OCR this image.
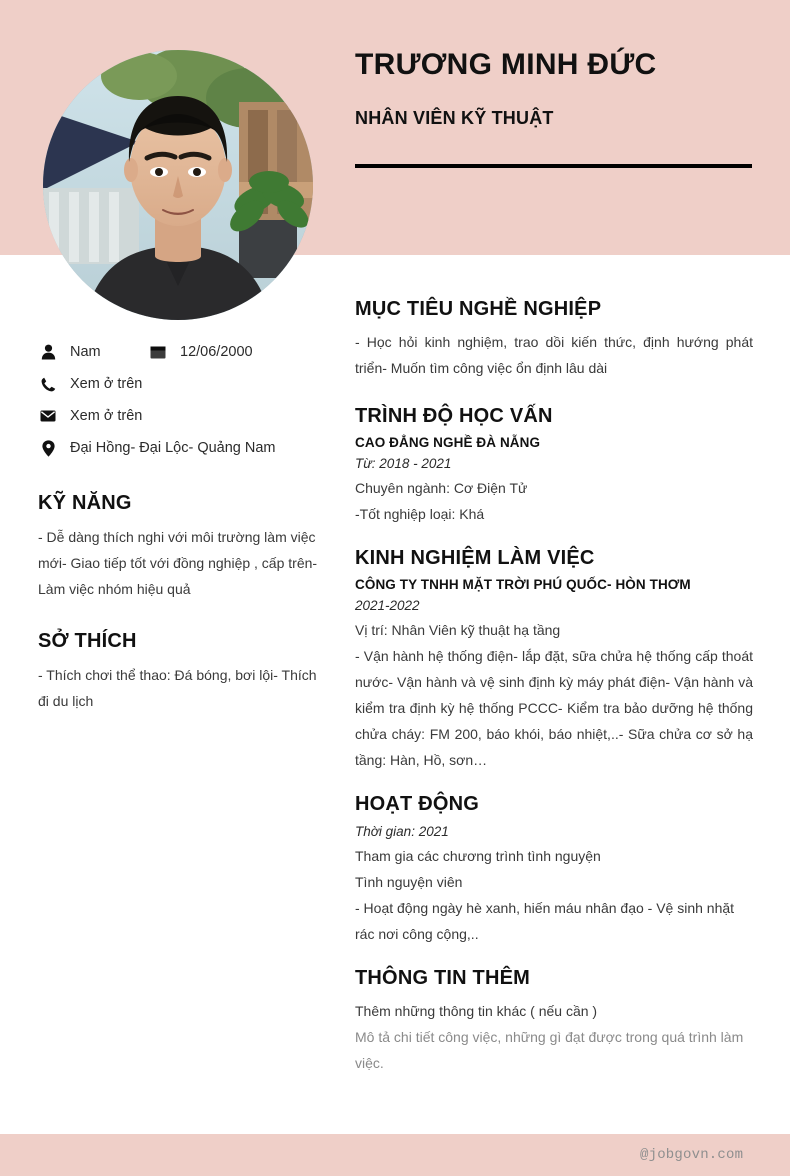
TRƯƠNG MINH ĐỨC
NHÂN VIÊN KỸ THUẬT
Nam	12/06/2000
Xem ở trên
Xem ở trên
Đại Hồng- Đại Lộc- Quảng Nam
KỸ NĂNG

- Dễ dàng thích nghi với môi trường làm việc mới- Giao tiếp tốt với đồng nghiệp , cấp trên- Làm việc nhóm hiệu quả

SỞ THÍCH

- Thích chơi thể thao: Đá bóng, bơi lội- Thích đi du lịch

MỤC TIÊU NGHỀ NGHIỆP

- Học hỏi kinh nghiệm, trao dồi kiến thức, định hướng phát triển- Muốn tìm công việc ổn định lâu dài

TRÌNH ĐỘ HỌC VẤN

CAO ĐẲNG NGHỀ ĐÀ NẴNG

Từ: 2018 - 2021

Chuyên ngành: Cơ Điện Tử

-Tốt nghiệp loại: Khá

KINH NGHIỆM LÀM VIỆC

CÔNG TY TNHH MẶT TRỜI PHÚ QUỐC- HÒN THƠM

2021-2022

Vị trí: Nhân Viên kỹ thuật hạ tầng

- Vận hành hệ thống điện- lắp đặt, sữa chửa hệ thống cấp thoát nước- Vận hành và vệ sinh định kỳ máy phát điện- Vận hành và kiểm tra định kỳ hệ thống PCCC- Kiểm tra bảo dưỡng hệ thống chửa cháy: FM 200, báo khói, báo nhiệt,..- Sữa chửa cơ sở hạ tầng: Hàn, Hồ, sơn…

HOẠT ĐỘNG

Thời gian: 2021

Tham gia các chương trình tình nguyện

Tình nguyện viên

- Hoạt động ngày hè xanh, hiến máu nhân đạo - Vệ sinh nhặt rác nơi công cộng,..

THÔNG TIN THÊM

Thêm những thông tin khác ( nếu cần )

Mô tả chi tiết công việc, những gì đạt được trong quá trình làm việc.

@jobgovn.com
